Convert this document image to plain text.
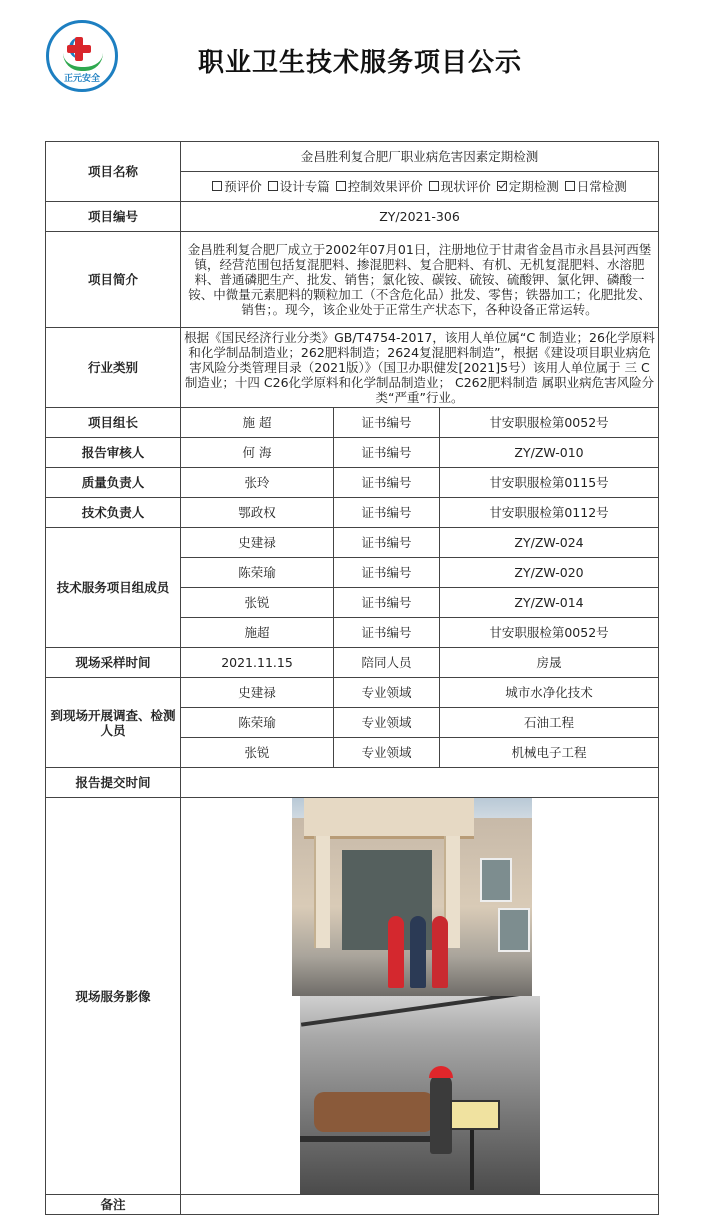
正元安全
职业卫生技术服务项目公示
项目名称	金昌胜利复合肥厂职业病危害因素定期检测		
	预评价 设计专篇 控制效果评价 现状评价 定期检测 日常检测		
项目编号	ZY/2021-306		
项目简介	金昌胜利复合肥厂成立于2002年07月01日，注册地位于甘肃省金昌市永昌县河西堡镇，经营范围包括复混肥料、掺混肥料、复合肥料、有机、无机复混肥料、水溶肥料、普通磷肥生产、批发、销售；氯化铵、碳铵、硫铵、硫酸钾、氯化钾、磷酸一铵、中微量元素肥料的颗粒加工（不含危化品）批发、零售；铁器加工；化肥批发、销售；。现今，该企业处于正常生产状态下，各种设备正常运转。		
行业类别	根据《国民经济行业分类》GB/T4754-2017，该用人单位属“C 制造业；26化学原料和化学制品制造业；262肥料制造；2624复混肥料制造”，根据《建设项目职业病危害风险分类管理目录（2021版）》（国卫办职健发[2021]5号）该用人单位属于 三 C制造业；十四 C26化学原料和化学制品制造业； C262肥料制造 属职业病危害风险分类“严重”行业。		
项目组长	施 超	证书编号	甘安职服检第0052号
报告审核人	何 海	证书编号	ZY/ZW-010
质量负责人	张玲	证书编号	甘安职服检第0115号
技术负责人	鄂政权	证书编号	甘安职服检第0112号
技术服务项目组成员	史建禄	证书编号	ZY/ZW-024
	陈荣瑜	证书编号	ZY/ZW-020
	张锐	证书编号	ZY/ZW-014
	施超	证书编号	甘安职服检第0052号
现场采样时间	2021.11.15	陪同人员	房晟
到现场开展调查、检测人员	史建禄	专业领域	城市水净化技术
	陈荣瑜	专业领域	石油工程
	张锐	专业领域	机械电子工程
报告提交时间			
现场服务影像			

备注			
